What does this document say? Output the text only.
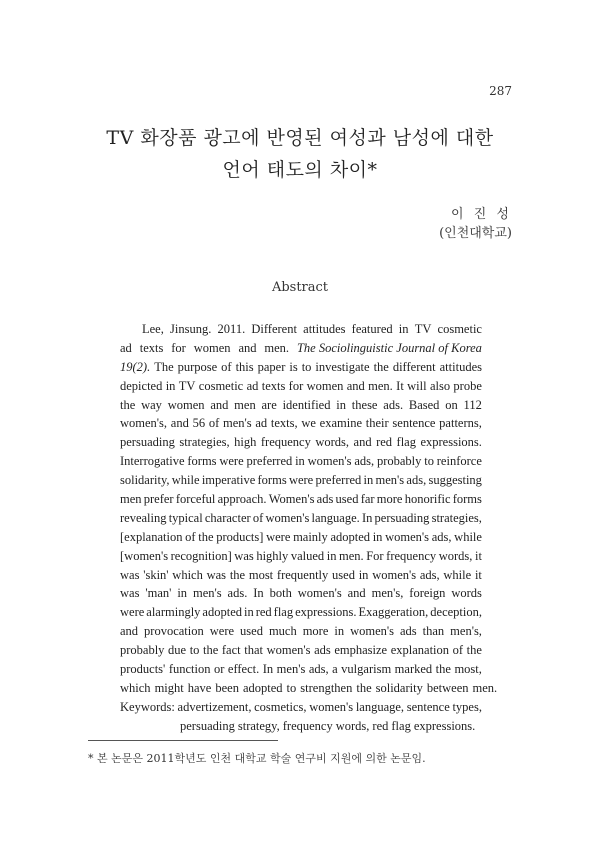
287
TV 화장품 광고에 반영된 여성과 남성에 대한
언어 태도의 차이*
이 진 성
(인천대학교)
Abstract
Lee, Jinsung. 2011. Different attitudes featured in TV cosmetic
ad texts for women and men. The Sociolinguistic Journal of Korea
19(2). The purpose of this paper is to investigate the different attitudes
depicted in TV cosmetic ad texts for women and men. It will also probe
the way women and men are identified in these ads. Based on 112
women's, and 56 of men's ad texts, we examine their sentence patterns,
persuading strategies, high frequency words, and red flag expressions.
Interrogative forms were preferred in women's ads, probably to reinforce
solidarity, while imperative forms were preferred in men's ads, suggesting
men prefer forceful approach. Women's ads used far more honorific forms
revealing typical character of women's language. In persuading strategies,
[explanation of the products] were mainly adopted in women's ads, while
[women's recognition] was highly valued in men. For frequency words, it
was 'skin' which was the most frequently used in women's ads, while it
was 'man' in men's ads. In both women's and men's, foreign words
were alarmingly adopted in red flag expressions. Exaggeration, deception,
and provocation were used much more in women's ads than men's,
probably due to the fact that women's ads emphasize explanation of the
products' function or effect. In men's ads, a vulgarism marked the most,
which might have been adopted to strengthen the solidarity between men.
Keywords: advertizement, cosmetics, women's language, sentence types,
persuading strategy, frequency words, red flag expressions.
* 본 논문은 2011학년도 인천 대학교 학술 연구비 지원에 의한 논문임.
